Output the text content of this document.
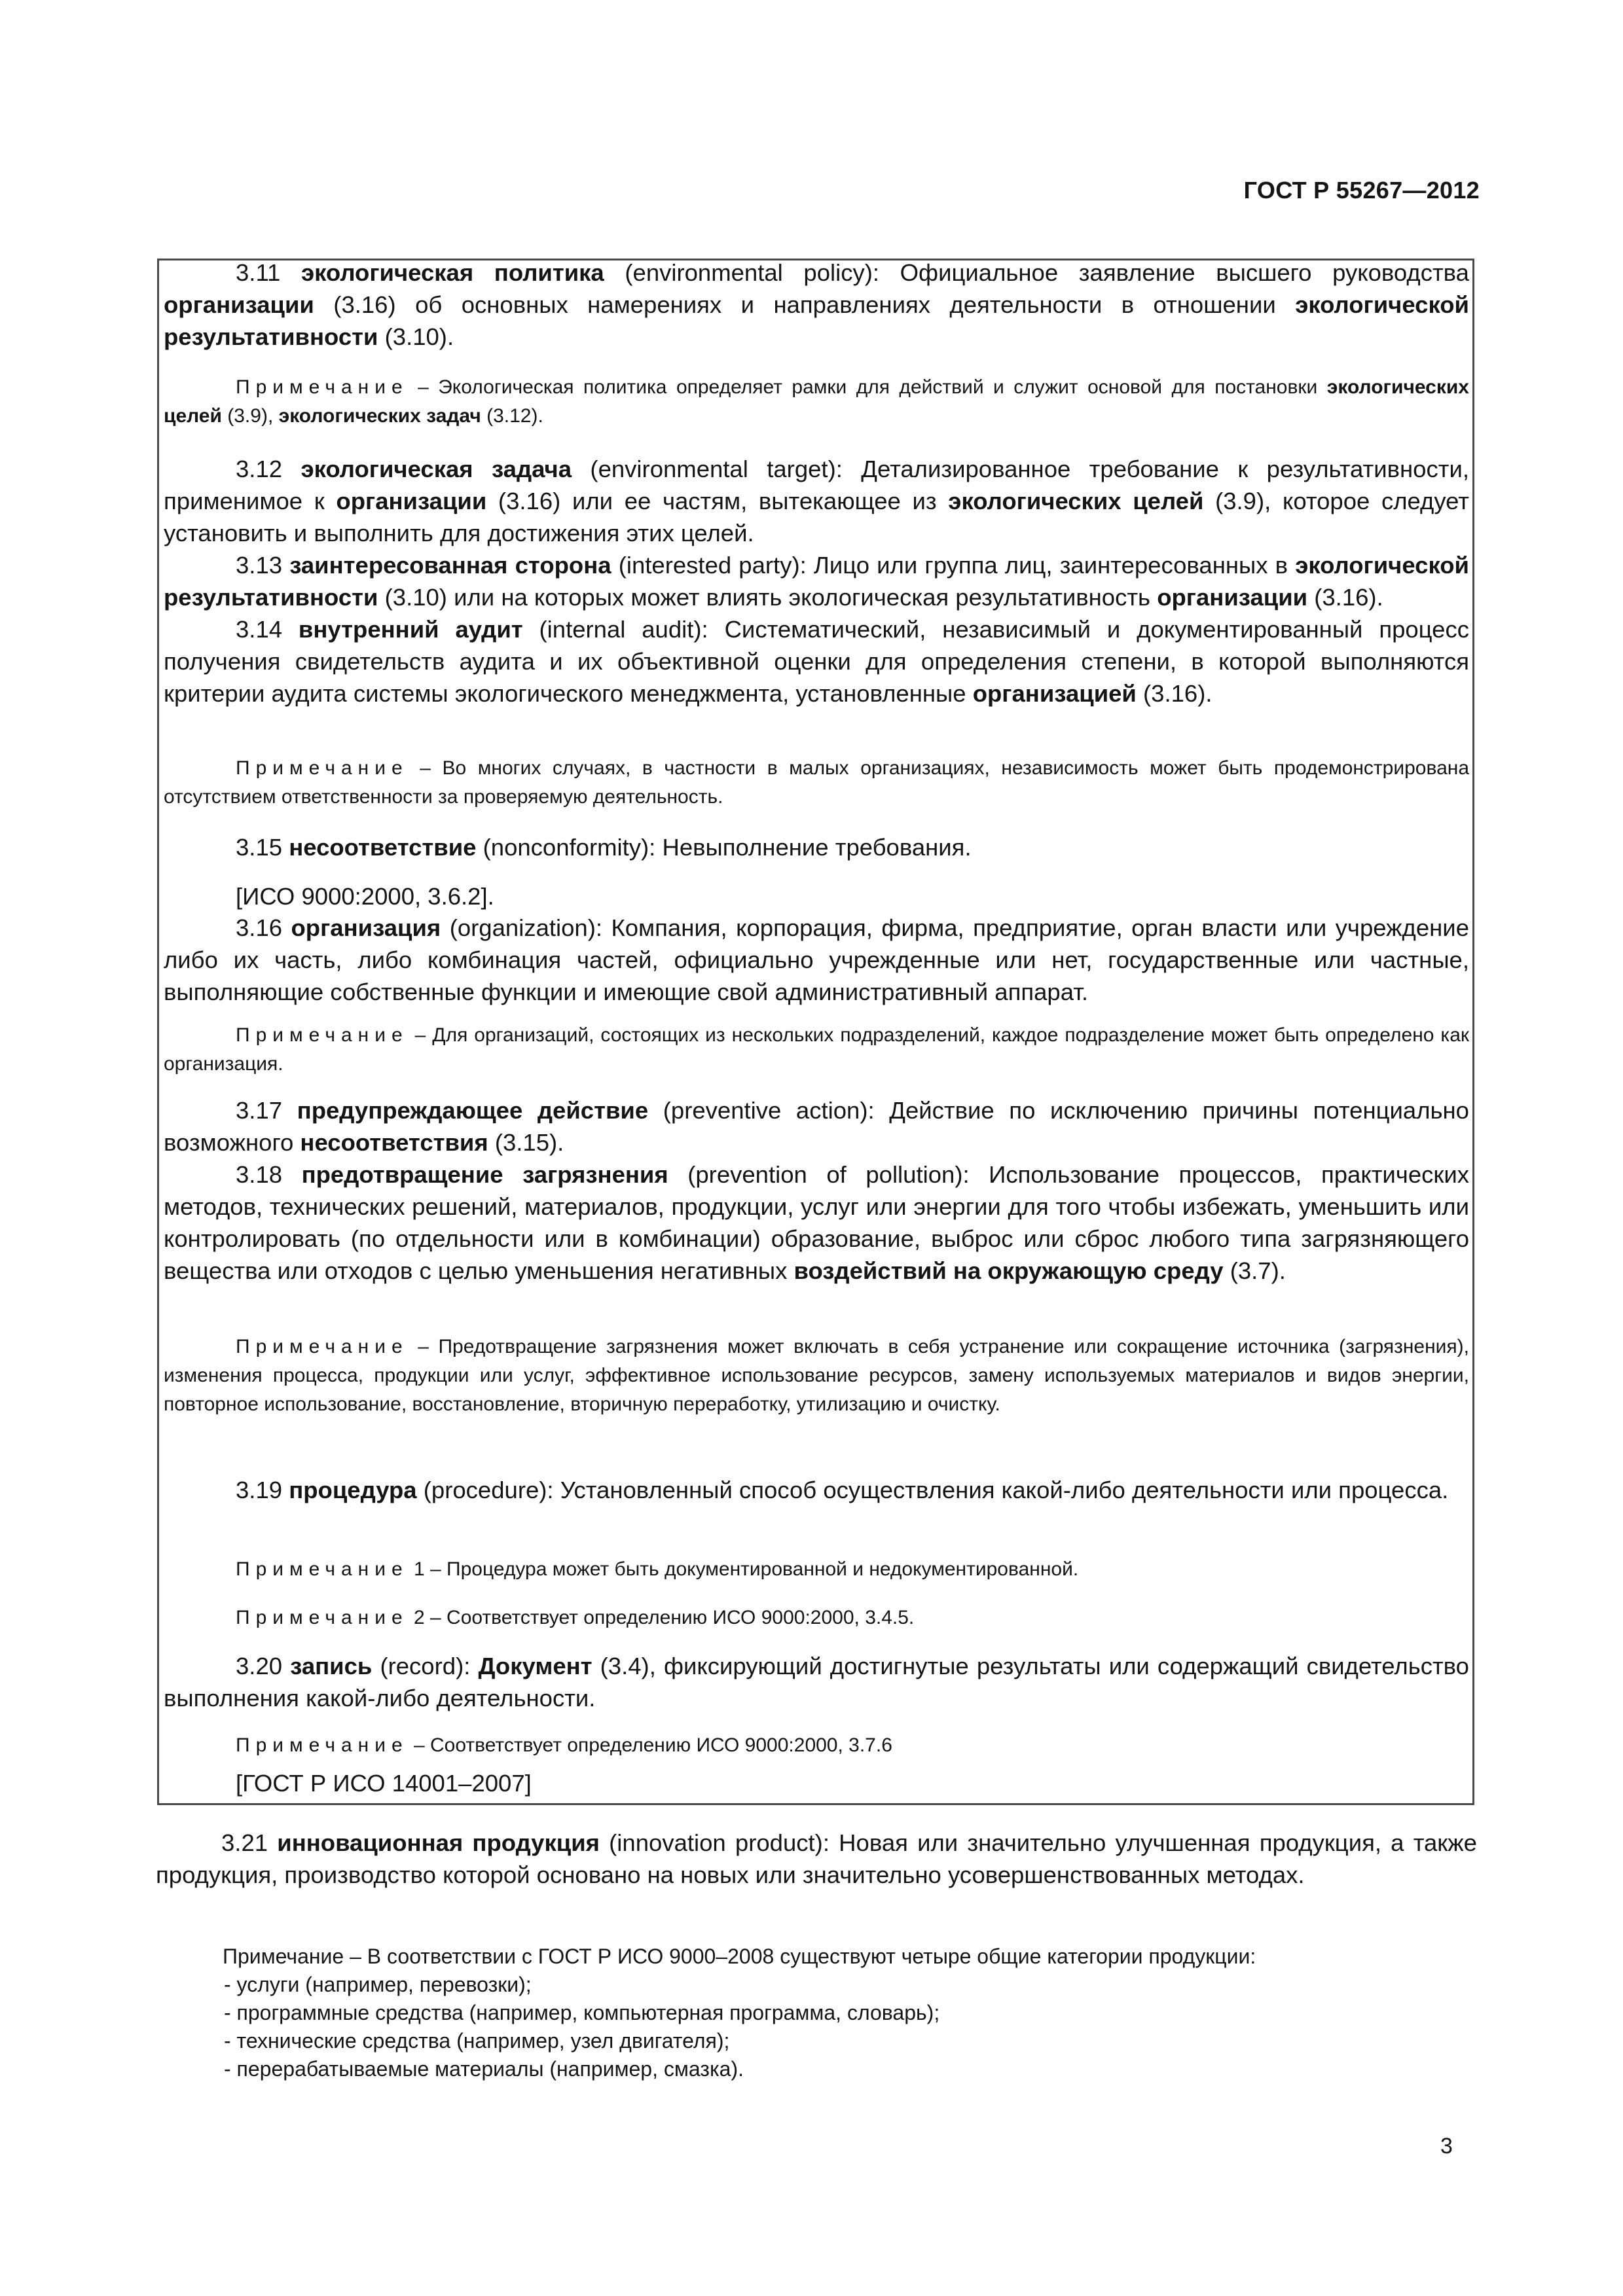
ГОСТ Р 55267—2012

3.11 экологическая политика (environmental policy): Официальное заявление высшего руководства организации (3.16) об основных намерениях и направлениях деятельности в отношении экологической результативности (3.10).

Примечание – Экологическая политика определяет рамки для действий и служит основой для постановки экологических целей (3.9), экологических задач (3.12).

3.12 экологическая задача (environmental target): Детализированное требование к результативности, применимое к организации (3.16) или ее частям, вытекающее из экологических целей (3.9), которое следует установить и выполнить для достижения этих целей.

3.13 заинтересованная сторона (interested party): Лицо или группа лиц, заинтересованных в экологической результативности (3.10) или на которых может влиять экологическая результативность организации (3.16).

3.14 внутренний аудит (internal audit): Систематический, независимый и документированный процесс получения свидетельств аудита и их объективной оценки для определения степени, в которой выполняются критерии аудита системы экологического менеджмента, установленные организацией (3.16).

Примечание – Во многих случаях, в частности в малых организациях, независимость может быть продемонстрирована отсутствием ответственности за проверяемую деятельность.

3.15 несоответствие (nonconformity): Невыполнение требования.

[ИСО 9000:2000, 3.6.2].

3.16 организация (organization): Компания, корпорация, фирма, предприятие, орган власти или учреждение либо их часть, либо комбинация частей, официально учрежденные или нет, государственные или частные, выполняющие собственные функции и имеющие свой административный аппарат.

Примечание – Для организаций, состоящих из нескольких подразделений, каждое подразделение может быть определено как организация.

3.17 предупреждающее действие (preventive action): Действие по исключению причины потенциально возможного несоответствия (3.15).

3.18 предотвращение загрязнения (prevention of pollution): Использование процессов, практических методов, технических решений, материалов, продукции, услуг или энергии для того чтобы избежать, уменьшить или контролировать (по отдельности или в комбинации) образование, выброс или сброс любого типа загрязняющего вещества или отходов с целью уменьшения негативных воздействий на окружающую среду (3.7).

Примечание – Предотвращение загрязнения может включать в себя устранение или сокращение источника (загрязнения), изменения процесса, продукции или услуг, эффективное использование ресурсов, замену используемых материалов и видов энергии, повторное использование, восстановление, вторичную переработку, утилизацию и очистку.

3.19 процедура (procedure): Установленный способ осуществления какой-либо деятельности или процесса.

Примечание 1 – Процедура может быть документированной и недокументированной.

Примечание 2 – Соответствует определению ИСО 9000:2000, 3.4.5.

3.20 запись (record): Документ (3.4), фиксирующий достигнутые результаты или содержащий свидетельство выполнения какой-либо деятельности.

Примечание – Соответствует определению ИСО 9000:2000, 3.7.6

[ГОСТ Р ИСО 14001–2007]

3.21 инновационная продукция (innovation product): Новая или значительно улучшенная продукция, а также продукция, производство которой основано на новых или значительно усовершенствованных методах.

Примечание – В соответствии с ГОСТ Р ИСО 9000–2008 существуют четыре общие категории продукции:

- услуги (например, перевозки);

- программные средства (например, компьютерная программа, словарь);

- технические средства (например, узел двигателя);

- перерабатываемые материалы (например, смазка).

3
